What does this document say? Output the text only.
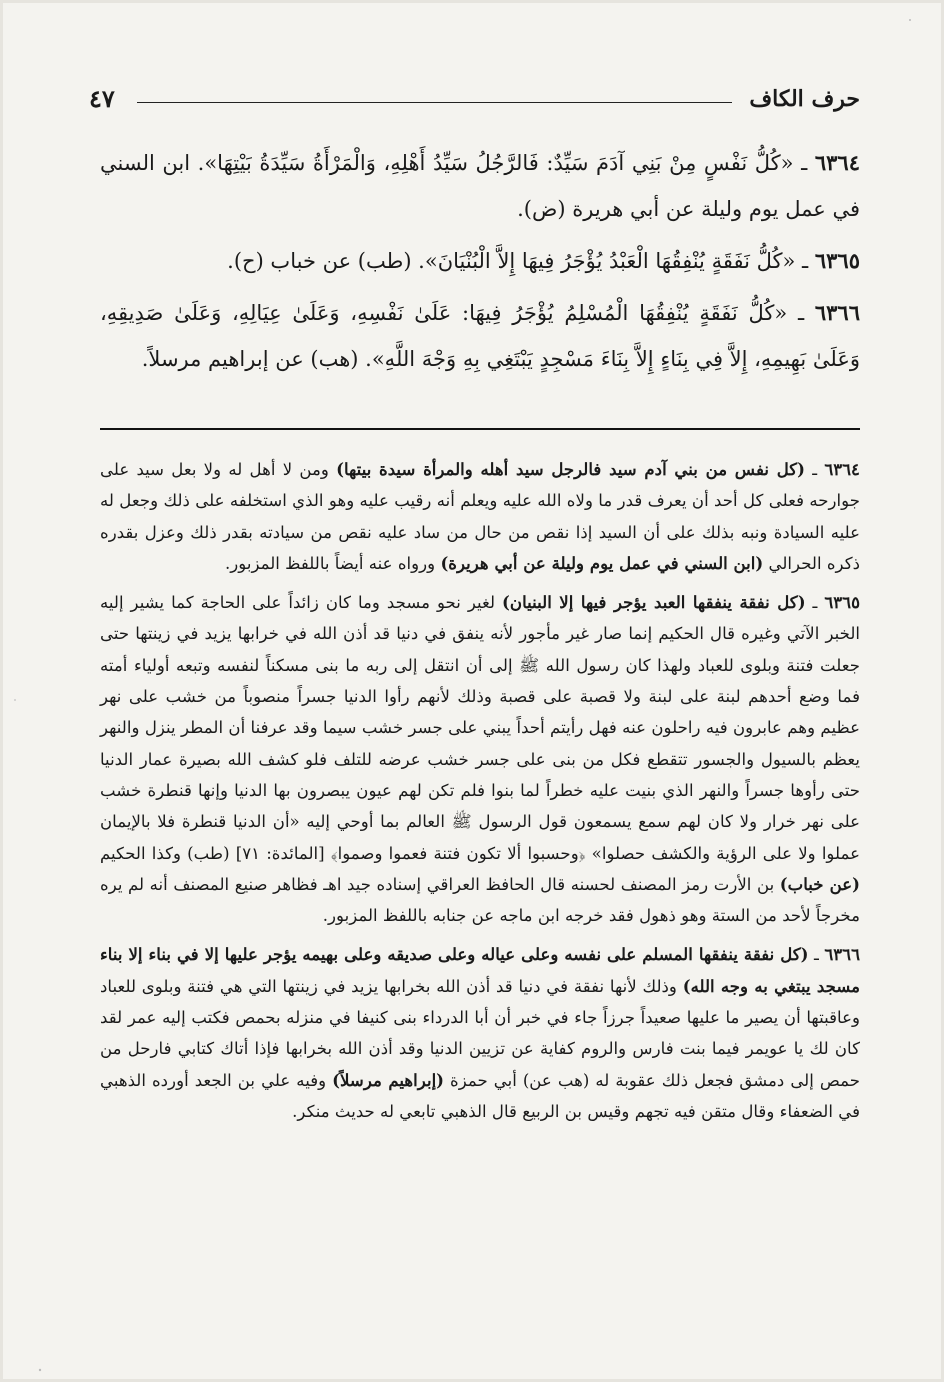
حرف الكاف
٤٧

٦٣٦٤ ـ «كُلُّ نَفْسٍ مِنْ بَنِي آدَمَ سَيِّدٌ: فَالرَّجُلُ سَيِّدُ أَهْلِهِ، وَالْمَرْأَةُ سَيِّدَةُ بَيْتِهَا». ابن السني في عمل يوم وليلة عن أبي هريرة (ض).

٦٣٦٥ ـ «كُلُّ نَفَقَةٍ يُنْفِقُهَا الْعَبْدُ يُؤْجَرُ فِيهَا إِلاَّ الْبُنْيَانَ». (طب) عن خباب (ح).

٦٣٦٦ ـ «كُلُّ نَفَقَةٍ يُنْفِقُهَا الْمُسْلِمُ يُؤْجَرُ فِيهَا: عَلَىٰ نَفْسِهِ، وَعَلَىٰ عِيَالِهِ، وَعَلَىٰ صَدِيقِهِ، وَعَلَىٰ بَهِيمِهِ، إِلاَّ فِي بِنَاءٍ إِلاَّ بِنَاءَ مَسْجِدٍ يَبْتَغِي بِهِ وَجْهَ اللَّهِ». (هب) عن إبراهيم مرسلاً.

٦٣٦٤ ـ (كل نفس من بني آدم سيد فالرجل سيد أهله والمرأة سيدة بيتها) ومن لا أهل له ولا بعل سيد على جوارحه فعلى كل أحد أن يعرف قدر ما ولاه الله عليه ويعلم أنه رقيب عليه وهو الذي استخلفه على ذلك وجعل له عليه السيادة ونبه بذلك على أن السيد إذا نقص من حال من ساد عليه نقص من سيادته بقدر ذلك وعزل بقدره ذكره الحرالي (ابن السني في عمل يوم وليلة عن أبي هريرة) ورواه عنه أيضاً باللفظ المزبور.

٦٣٦٥ ـ (كل نفقة ينفقها العبد يؤجر فيها إلا البنيان) لغير نحو مسجد وما كان زائداً على الحاجة كما يشير إليه الخبر الآتي وغيره قال الحكيم إنما صار غير مأجور لأنه ينفق في دنيا قد أذن الله في خرابها يزيد في زينتها حتى جعلت فتنة وبلوى للعباد ولهذا كان رسول الله ﷺ إلى أن انتقل إلى ربه ما بنى مسكناً لنفسه وتبعه أولياء أمته فما وضع أحدهم لبنة على لبنة ولا قصبة على قصبة وذلك لأنهم رأوا الدنيا جسراً منصوباً من خشب على نهر عظيم وهم عابرون فيه راحلون عنه فهل رأيتم أحداً يبني على جسر خشب سيما وقد عرفنا أن المطر ينزل والنهر يعظم بالسيول والجسور تتقطع فكل من بنى على جسر خشب عرضه للتلف فلو كشف الله بصيرة عمار الدنيا حتى رأوها جسراً والنهر الذي بنيت عليه خطراً لما بنوا فلم تكن لهم عيون يبصرون بها الدنيا وإنها قنطرة خشب على نهر خرار ولا كان لهم سمع يسمعون قول الرسول ﷺ العالم بما أوحي إليه «أن الدنيا قنطرة فلا بالإيمان عملوا ولا على الرؤية والكشف حصلوا» ﴿وحسبوا ألا تكون فتنة فعموا وصموا﴾ [المائدة: ٧١] (طب) وكذا الحكيم (عن خباب) بن الأرت رمز المصنف لحسنه قال الحافظ العراقي إسناده جيد اهـ فظاهر صنيع المصنف أنه لم يره مخرجاً لأحد من الستة وهو ذهول فقد خرجه ابن ماجه عن جنابه باللفظ المزبور.

٦٣٦٦ ـ (كل نفقة ينفقها المسلم على نفسه وعلى عياله وعلى صديقه وعلى بهيمه يؤجر عليها إلا في بناء إلا بناء مسجد يبتغي به وجه الله) وذلك لأنها نفقة في دنيا قد أذن الله بخرابها يزيد في زينتها التي هي فتنة وبلوى للعباد وعاقبتها أن يصير ما عليها صعيداً جرزاً جاء في خبر أن أبا الدرداء بنى كنيفا في منزله بحمص فكتب إليه عمر لقد كان لك يا عويمر فيما بنت فارس والروم كفاية عن تزيين الدنيا وقد أذن الله بخرابها فإذا أتاك كتابي فارحل من حمص إلى دمشق فجعل ذلك عقوبة له (هب عن) أبي حمزة (إبراهيم مرسلاً) وفيه علي بن الجعد أورده الذهبي في الضعفاء وقال متقن فيه تجهم وقيس بن الربيع قال الذهبي تابعي له حديث منكر.
